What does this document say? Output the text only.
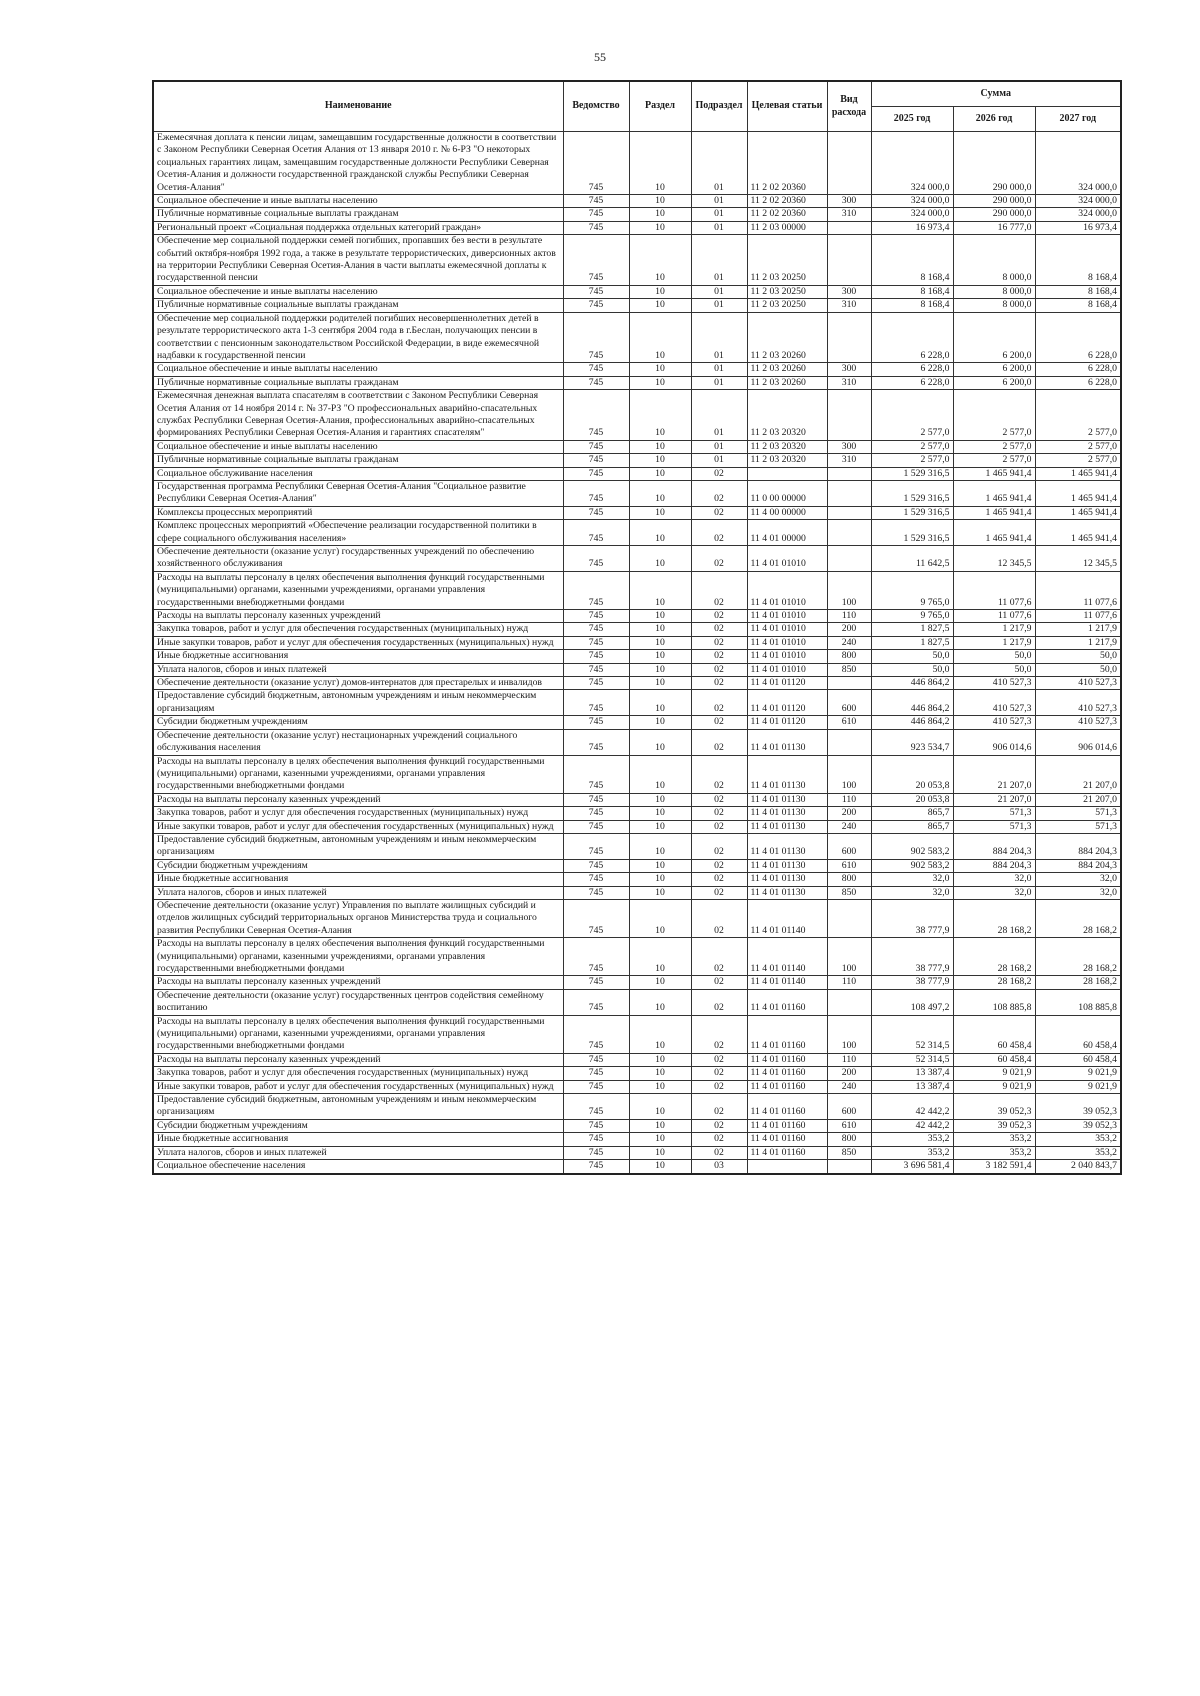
55
Наименование	Ведомство	Раздел	Подраздел	Целевая статьи	Вид расхода	Сумма		
						2025 год	2026 год	2027 год
Ежемесячная доплата к пенсии лицам, замещавшим государственные должности в соответствии с Законом Республики Северная Осетия Алания от 13 января 2010 г. № 6-РЗ "О некоторых социальных гарантиях лицам, замещавшим государственные должности Республики Северная Осетия-Алания и должности государственной гражданской службы Республики Северная Осетия-Алания"	745	10	01	11 2 02 20360		324 000,0	290 000,0	324 000,0
Социальное обеспечение и иные выплаты населению	745	10	01	11 2 02 20360	300	324 000,0	290 000,0	324 000,0
Публичные нормативные социальные выплаты гражданам	745	10	01	11 2 02 20360	310	324 000,0	290 000,0	324 000,0
Региональный проект «Социальная поддержка отдельных категорий граждан»	745	10	01	11 2 03 00000		16 973,4	16 777,0	16 973,4
Обеспечение мер социальной поддержки семей погибших, пропавших без вести в результате событий октября-ноября 1992 года, а также в результате террористических, диверсионных актов на территории Республики Северная Осетия-Алания в части выплаты ежемесячной доплаты к государственной пенсии	745	10	01	11 2 03 20250		8 168,4	8 000,0	8 168,4
Социальное обеспечение и иные выплаты населению	745	10	01	11 2 03 20250	300	8 168,4	8 000,0	8 168,4
Публичные нормативные социальные выплаты гражданам	745	10	01	11 2 03 20250	310	8 168,4	8 000,0	8 168,4
Обеспечение мер социальной поддержки родителей погибших несовершеннолетних детей в результате террористического акта 1-3 сентября 2004 года в г.Беслан, получающих пенсии в соответствии с пенсионным законодательством Российской Федерации, в виде ежемесячной надбавки к государственной пенсии	745	10	01	11 2 03 20260		6 228,0	6 200,0	6 228,0
Социальное обеспечение и иные выплаты населению	745	10	01	11 2 03 20260	300	6 228,0	6 200,0	6 228,0
Публичные нормативные социальные выплаты гражданам	745	10	01	11 2 03 20260	310	6 228,0	6 200,0	6 228,0
Ежемесячная денежная выплата спасателям в соответствии с Законом Республики Северная Осетия Алания от 14 ноября 2014 г. № 37-РЗ "О профессиональных аварийно-спасательных службах Республики Северная Осетия-Алания, профессиональных аварийно-спасательных формированиях Республики Северная Осетия-Алания и гарантиях спасателям"	745	10	01	11 2 03 20320		2 577,0	2 577,0	2 577,0
Социальное обеспечение и иные выплаты населению	745	10	01	11 2 03 20320	300	2 577,0	2 577,0	2 577,0
Публичные нормативные социальные выплаты гражданам	745	10	01	11 2 03 20320	310	2 577,0	2 577,0	2 577,0
Социальное обслуживание населения	745	10	02			1 529 316,5	1 465 941,4	1 465 941,4
Государственная программа Республики Северная Осетия-Алания "Социальное развитие Республики Северная Осетия-Алания"	745	10	02	11 0 00 00000		1 529 316,5	1 465 941,4	1 465 941,4
Комплексы процессных мероприятий	745	10	02	11 4 00 00000		1 529 316,5	1 465 941,4	1 465 941,4
Комплекс процессных мероприятий «Обеспечение реализации государственной политики в сфере социального обслуживания населения»	745	10	02	11 4 01 00000		1 529 316,5	1 465 941,4	1 465 941,4
Обеспечение деятельности (оказание услуг) государственных учреждений по обеспечению хозяйственного обслуживания	745	10	02	11 4 01 01010		11 642,5	12 345,5	12 345,5
Расходы на выплаты персоналу в целях обеспечения выполнения функций государственными (муниципальными) органами, казенными учреждениями, органами управления государственными внебюджетными фондами	745	10	02	11 4 01 01010	100	9 765,0	11 077,6	11 077,6
Расходы на выплаты персоналу казенных учреждений	745	10	02	11 4 01 01010	110	9 765,0	11 077,6	11 077,6
Закупка товаров, работ и услуг для обеспечения государственных (муниципальных) нужд	745	10	02	11 4 01 01010	200	1 827,5	1 217,9	1 217,9
Иные закупки товаров, работ и услуг для обеспечения государственных (муниципальных) нужд	745	10	02	11 4 01 01010	240	1 827,5	1 217,9	1 217,9
Иные бюджетные ассигнования	745	10	02	11 4 01 01010	800	50,0	50,0	50,0
Уплата налогов, сборов и иных платежей	745	10	02	11 4 01 01010	850	50,0	50,0	50,0
Обеспечение деятельности (оказание услуг) домов-интернатов для престарелых и инвалидов	745	10	02	11 4 01 01120		446 864,2	410 527,3	410 527,3
Предоставление субсидий бюджетным, автономным учреждениям и иным некоммерческим организациям	745	10	02	11 4 01 01120	600	446 864,2	410 527,3	410 527,3
Субсидии бюджетным учреждениям	745	10	02	11 4 01 01120	610	446 864,2	410 527,3	410 527,3
Обеспечение деятельности (оказание услуг) нестационарных учреждений социального обслуживания населения	745	10	02	11 4 01 01130		923 534,7	906 014,6	906 014,6
Расходы на выплаты персоналу в целях обеспечения выполнения функций государственными (муниципальными) органами, казенными учреждениями, органами управления государственными внебюджетными фондами	745	10	02	11 4 01 01130	100	20 053,8	21 207,0	21 207,0
Расходы на выплаты персоналу казенных учреждений	745	10	02	11 4 01 01130	110	20 053,8	21 207,0	21 207,0
Закупка товаров, работ и услуг для обеспечения государственных (муниципальных) нужд	745	10	02	11 4 01 01130	200	865,7	571,3	571,3
Иные закупки товаров, работ и услуг для обеспечения государственных (муниципальных) нужд	745	10	02	11 4 01 01130	240	865,7	571,3	571,3
Предоставление субсидий бюджетным, автономным учреждениям и иным некоммерческим организациям	745	10	02	11 4 01 01130	600	902 583,2	884 204,3	884 204,3
Субсидии бюджетным учреждениям	745	10	02	11 4 01 01130	610	902 583,2	884 204,3	884 204,3
Иные бюджетные ассигнования	745	10	02	11 4 01 01130	800	32,0	32,0	32,0
Уплата налогов, сборов и иных платежей	745	10	02	11 4 01 01130	850	32,0	32,0	32,0
Обеспечение деятельности (оказание услуг) Управления по выплате жилищных субсидий и отделов жилищных субсидий территориальных органов Министерства труда и социального развития Республики Северная Осетия-Алания	745	10	02	11 4 01 01140		38 777,9	28 168,2	28 168,2
Расходы на выплаты персоналу в целях обеспечения выполнения функций государственными (муниципальными) органами, казенными учреждениями, органами управления государственными внебюджетными фондами	745	10	02	11 4 01 01140	100	38 777,9	28 168,2	28 168,2
Расходы на выплаты персоналу казенных учреждений	745	10	02	11 4 01 01140	110	38 777,9	28 168,2	28 168,2
Обеспечение деятельности (оказание услуг) государственных центров содействия семейному воспитанию	745	10	02	11 4 01 01160		108 497,2	108 885,8	108 885,8
Расходы на выплаты персоналу в целях обеспечения выполнения функций государственными (муниципальными) органами, казенными учреждениями, органами управления государственными внебюджетными фондами	745	10	02	11 4 01 01160	100	52 314,5	60 458,4	60 458,4
Расходы на выплаты персоналу казенных учреждений	745	10	02	11 4 01 01160	110	52 314,5	60 458,4	60 458,4
Закупка товаров, работ и услуг для обеспечения государственных (муниципальных) нужд	745	10	02	11 4 01 01160	200	13 387,4	9 021,9	9 021,9
Иные закупки товаров, работ и услуг для обеспечения государственных (муниципальных) нужд	745	10	02	11 4 01 01160	240	13 387,4	9 021,9	9 021,9
Предоставление субсидий бюджетным, автономным учреждениям и иным некоммерческим организациям	745	10	02	11 4 01 01160	600	42 442,2	39 052,3	39 052,3
Субсидии бюджетным учреждениям	745	10	02	11 4 01 01160	610	42 442,2	39 052,3	39 052,3
Иные бюджетные ассигнования	745	10	02	11 4 01 01160	800	353,2	353,2	353,2
Уплата налогов, сборов и иных платежей	745	10	02	11 4 01 01160	850	353,2	353,2	353,2
Социальное обеспечение населения	745	10	03			3 696 581,4	3 182 591,4	2 040 843,7
